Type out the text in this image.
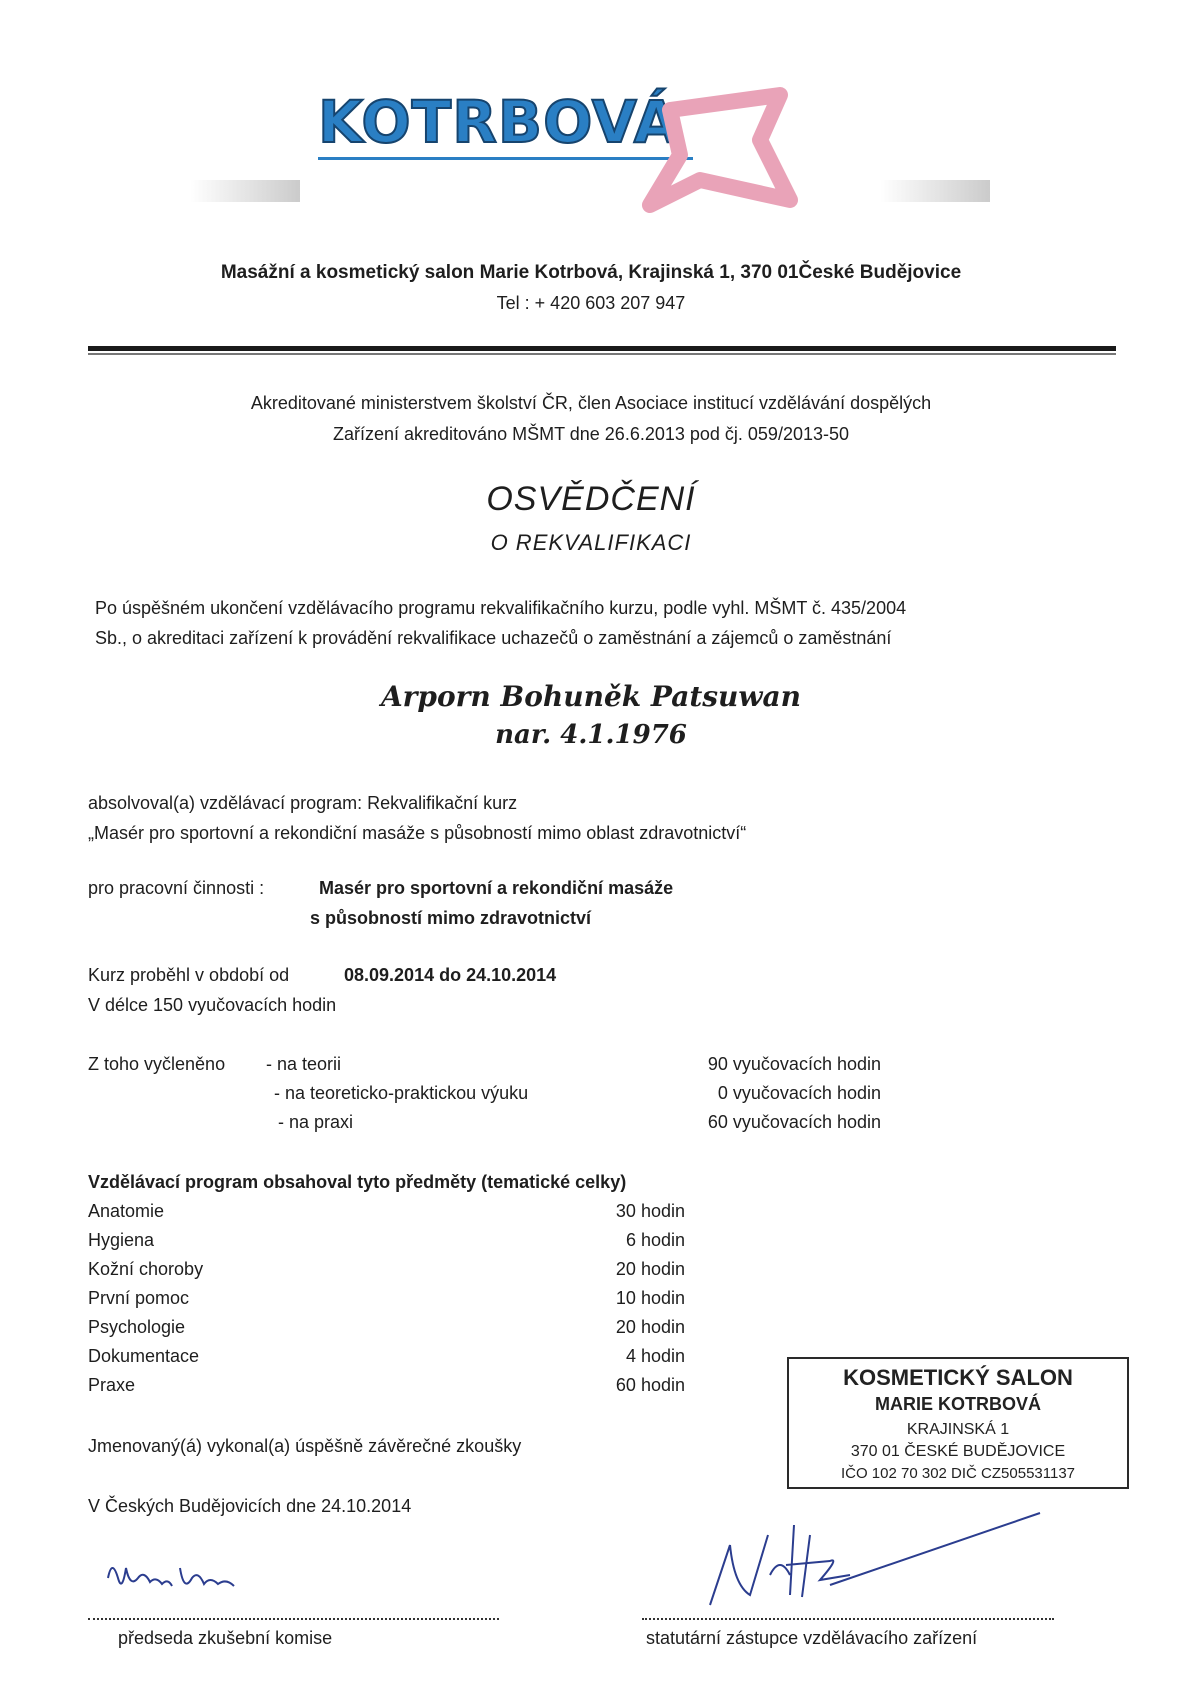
KOTRBOVÁ
Masážní a kosmetický salon Marie Kotrbová, Krajinská 1, 370 01České Budějovice
Tel : + 420 603 207 947
Akreditované ministerstvem školství ČR, člen Asociace institucí vzdělávání dospělých
Zařízení akreditováno MŠMT dne 26.6.2013 pod čj. 059/2013-50
OSVĚDČENÍ
O REKVALIFIKACI
Po úspěšném ukončení vzdělávacího programu rekvalifikačního kurzu, podle vyhl. MŠMT č. 435/2004
Sb., o akreditaci zařízení k provádění rekvalifikace uchazečů o zaměstnání a zájemců o zaměstnání
Arporn Bohuněk Patsuwan
nar. 4.1.1976
absolvoval(a) vzdělávací program: Rekvalifikační kurz
„Masér pro sportovní a rekondiční masáže s působností mimo oblast zdravotnictví“
pro pracovní činnosti :	Masér pro sportovní a rekondiční masáže
s působností mimo zdravotnictví
Kurz proběhl v období od	08.09.2014 do 24.10.2014
V délce 150 vyučovacích hodin
Z toho vyčleněno - na teorii	90 vyučovacích hodin
- na teoreticko-praktickou výuku	0 vyučovacích hodin
- na praxi	60 vyučovacích hodin
Vzdělávací program obsahoval tyto předměty (tematické celky)
Anatomie	30 hodin
Hygiena	6 hodin
Kožní choroby	20 hodin
První pomoc	10 hodin
Psychologie	20 hodin
Dokumentace	4 hodin
Praxe	60 hodin	KOSMETICKÝ SALON
MARIE KOTRBOVÁ
KRAJINSKÁ 1
370 01 ČESKÉ BUDĚJOVICE
IČO 102 70 302 DIČ CZ505531137
Jmenovaný(á) vykonal(a) úspěšně závěrečné zkoušky
V Českých Budějovicích dne 24.10.2014
předseda zkušební komise	statutární zástupce vzdělávacího zařízení
